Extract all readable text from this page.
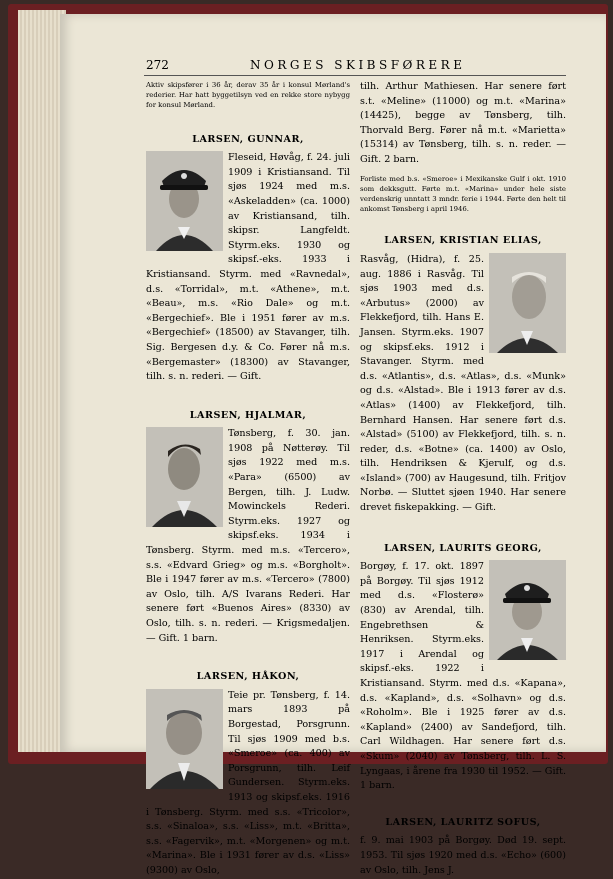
272	NORGES SKIBSFØRERE

Aktiv skipsfører i 36 år, derav 35 år i konsul Mørland's rederier. Har hatt byggetilsyn ved en rekke store nybygg for konsul Mørland.

LARSEN, GUNNAR,

Fleseid, Høvåg, f. 24. juli 1909 i Kristiansand. Til sjøs 1924 med m.s. «Askeladden» (ca. 1000) av Kristiansand, tilh. skipsr. Langfeldt. Styrm.eks. 1930 og skipsf.-eks. 1933 i Kristiansand. Styrm. med «Ravnedal», d.s. «Torridal», m.t. «Athene», m.t. «Beau», m.s. «Rio Dale» og m.t. «Bergechief». Ble i 1951 fører av m.s. «Bergechief» (18500) av Stavanger, tilh. Sig. Bergesen d.y. & Co. Fører nå m.s. «Bergemaster» (18300) av Stavanger, tilh. s. n. rederi. — Gift.

LARSEN, HJALMAR,

Tønsberg, f. 30. jan. 1908 på Nøtterøy. Til sjøs 1922 med m.s. «Para» (6500) av Bergen, tilh. J. Ludw. Mowinckels Rederi. Styrm.eks. 1927 og skipsf.eks. 1934 i Tønsberg. Styrm. med m.s. «Tercero», s.s. «Edvard Grieg» og m.s. «Borgholt». Ble i 1947 fører av m.s. «Tercero» (7800) av Oslo, tilh. A/S Ivarans Rederi. Har senere ført «Buenos Aires» (8330) av Oslo, tilh. s. n. rederi. — Krigsmedaljen. — Gift. 1 barn.

LARSEN, HÅKON,

Teie pr. Tønsberg, f. 14. mars 1893 på Borgestad, Porsgrunn. Til sjøs 1909 med b.s. «Smeroe» (ca. 400) av Porsgrunn, tilh. Leif Gundersen. Styrm.eks. 1913 og skipsf.eks. 1916 i Tønsberg. Styrm. med s.s. «Tricolor», s.s. «Sinaloa», s.s. «Liss», m.t. «Britta», s.s. «Fagervik», m.t. «Morgenen» og m.t. «Marina». Ble i 1931 fører av d.s. «Liss» (9300) av Oslo,

tilh. Arthur Mathiesen. Har senere ført s.t. «Meline» (11000) og m.t. «Marina» (14425), begge av Tønsberg, tilh. Thorvald Berg. Fører nå m.t. «Marietta» (15314) av Tønsberg, tilh. s. n. reder. — Gift. 2 barn.

Forliste med b.s. «Smeroe» i Mexikanske Gulf i okt. 1910 som dekksgutt. Førte m.t. «Marina» under hele siste verdenskrig unntatt 3 mndr. ferie i 1944. Førte den helt til ankomst Tønsberg i april 1946.

LARSEN, KRISTIAN ELIAS,

Rasvåg, (Hidra), f. 25. aug. 1886 i Rasvåg. Til sjøs 1903 med d.s. «Arbutus» (2000) av Flekkefjord, tilh. Hans E. Jansen. Styrm.eks. 1907 og skipsf.eks. 1912 i Stavanger. Styrm. med d.s. «Atlantis», d.s. «Atlas», d.s. «Munk» og d.s. «Alstad». Ble i 1913 fører av d.s. «Atlas» (1400) av Flekkefjord, tilh. Bernhard Hansen. Har senere ført d.s. «Alstad» (5100) av Flekkefjord, tilh. s. n. reder, d.s. «Botne» (ca. 1400) av Oslo, tilh. Hendriksen & Kjerulf, og d.s. «Island» (700) av Haugesund, tilh. Fritjov Norbø. — Sluttet sjøen 1940. Har senere drevet fiskepakking. — Gift.

LARSEN, LAURITS GEORG,

Borgøy, f. 17. okt. 1897 på Borgøy. Til sjøs 1912 med d.s. «Flosterø» (830) av Arendal, tilh. Engebrethsen & Henriksen. Styrm.eks. 1917 i Arendal og skipsf.-eks. 1922 i Kristiansand. Styrm. med d.s. «Kapana», d.s. «Kapland», d.s. «Solhavn» og d.s. «Roholm». Ble i 1925 fører av d.s. «Kapland» (2400) av Sandefjord, tilh. Carl Wildhagen. Har senere ført d.s. «Skum» (2040) av Tønsberg, tilh. L. S. Lyngaas, i årene fra 1930 til 1952. — Gift. 1 barn.

LARSEN, LAURITZ SOFUS,

f. 9. mai 1903 på Borgøy. Død 19. sept. 1953. Til sjøs 1920 med d.s. «Echo» (600) av Oslo, tilh. Jens J.
